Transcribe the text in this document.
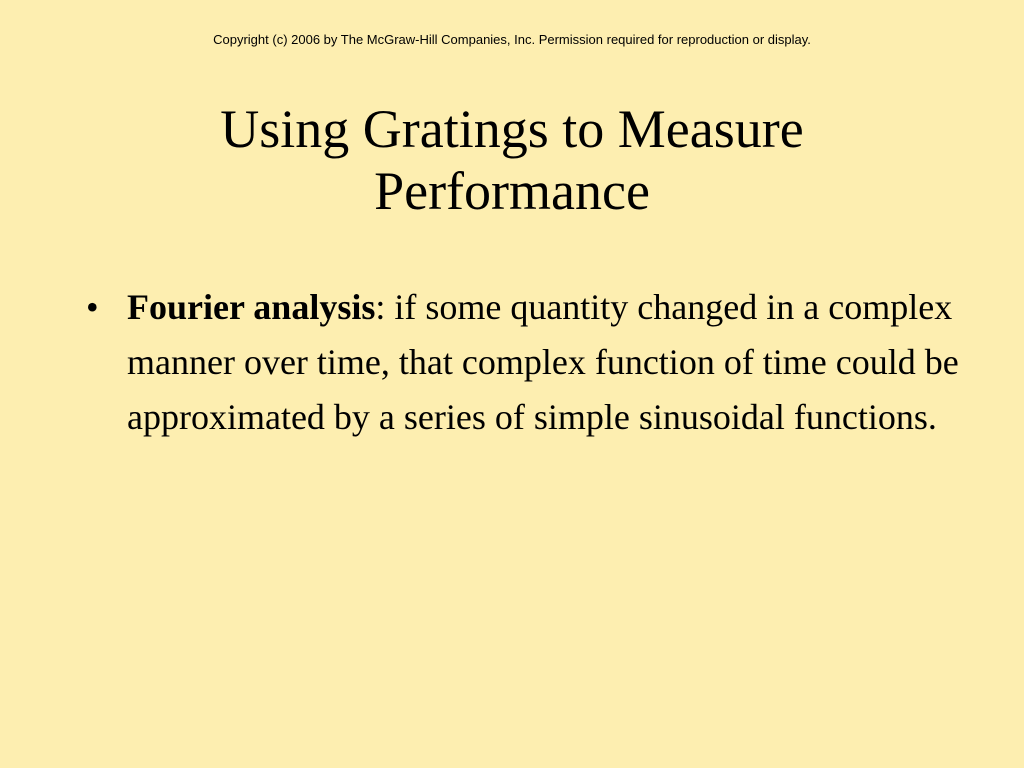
Copyright (c) 2006 by The McGraw-Hill Companies, Inc. Permission required for reproduction or display.
Using Gratings to Measure
Performance
• Fourier analysis: if some quantity changed in a complex manner over time, that complex function of time could be approximated by a series of simple sinusoidal functions.
